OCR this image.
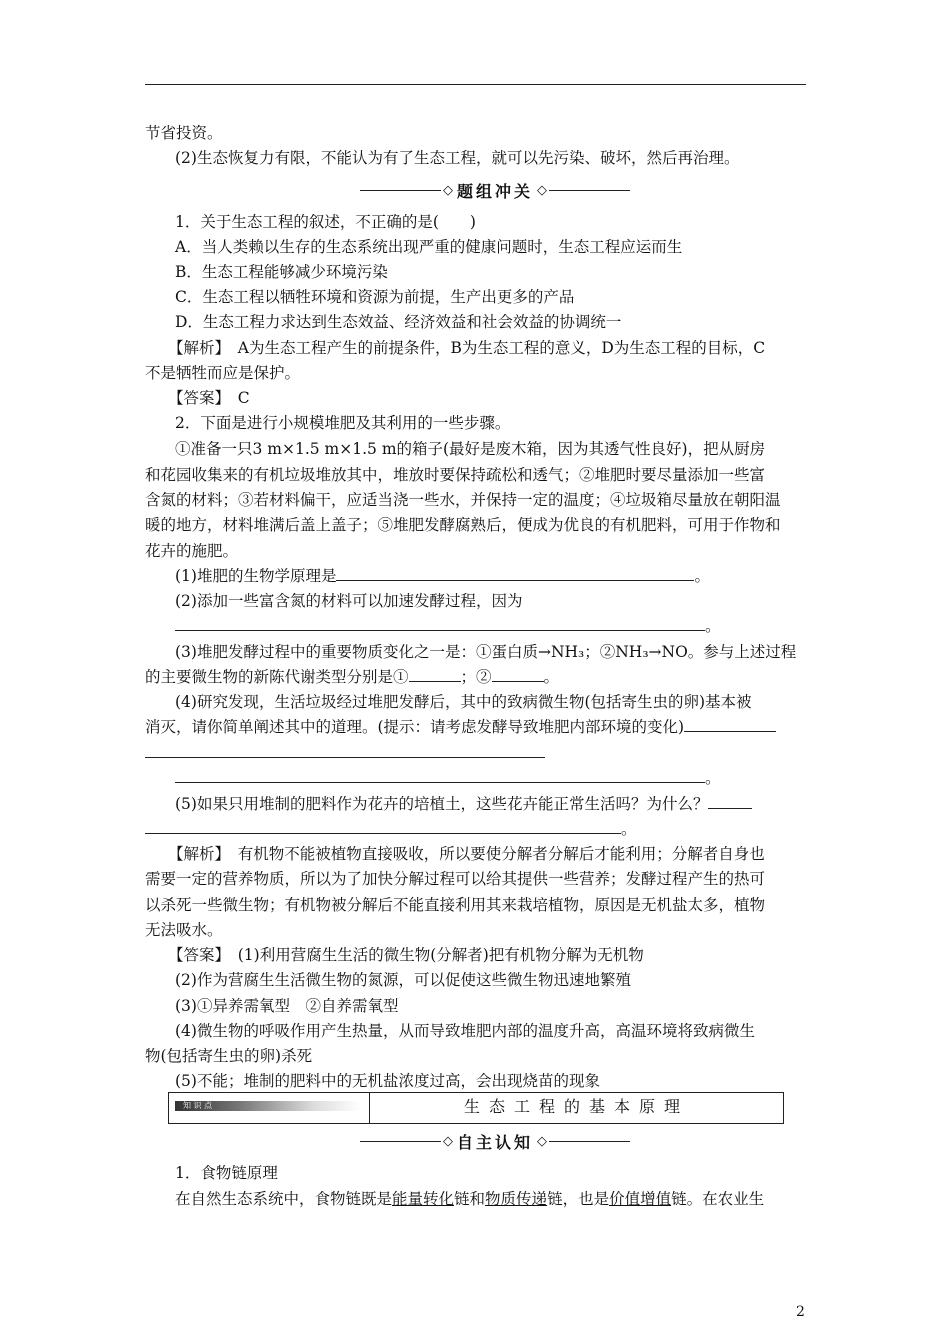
节省投资。
(2)生态恢复力有限，不能认为有了生态工程，就可以先污染、破坏，然后再治理。
◇ 题组冲关 ◇
1．关于生态工程的叙述，不正确的是(　　)
A．当人类赖以生存的生态系统出现严重的健康问题时，生态工程应运而生
B．生态工程能够减少环境污染
C．生态工程以牺牲环境和资源为前提，生产出更多的产品
D．生态工程力求达到生态效益、经济效益和社会效益的协调统一
【解析】　A为生态工程产生的前提条件，B为生态工程的意义，D为生态工程的目标，C
不是牺牲而应是保护。
【答案】　C
2．下面是进行小规模堆肥及其利用的一些步骤。
①准备一只3 m×1.5 m×1.5 m的箱子(最好是废木箱，因为其透气性良好)，把从厨房
和花园收集来的有机垃圾堆放其中，堆放时要保持疏松和透气；②堆肥时要尽量添加一些富
含氮的材料；③若材料偏干，应适当浇一些水，并保持一定的温度；④垃圾箱尽量放在朝阳温
暖的地方，材料堆满后盖上盖子；⑤堆肥发酵腐熟后，便成为优良的有机肥料，可用于作物和
花卉的施肥。
(1)堆肥的生物学原理是	。
(2)添加一些富含氮的材料可以加速发酵过程，因为
。
(3)堆肥发酵过程中的重要物质变化之一是：①蛋白质→NH₃；②NH₃→NO。参与上述过程
的主要微生物的新陈代谢类型分别是①	；②	。
(4)研究发现，生活垃圾经过堆肥发酵后，其中的致病微生物(包括寄生虫的卵)基本被
消灭，请你简单阐述其中的道理。(提示：请考虑发酵导致堆肥内部环境的变化)
。
(5)如果只用堆制的肥料作为花卉的培植土，这些花卉能正常生活吗？为什么？
。
【解析】　有机物不能被植物直接吸收，所以要使分解者分解后才能利用；分解者自身也
需要一定的营养物质，所以为了加快分解过程可以给其提供一些营养；发酵过程产生的热可
以杀死一些微生物；有机物被分解后不能直接利用其来栽培植物，原因是无机盐太多，植物
无法吸水。
【答案】　(1)利用营腐生生活的微生物(分解者)把有机物分解为无机物
(2)作为营腐生生活微生物的氮源，可以促使这些微生物迅速地繁殖
(3)①异养需氧型　②自养需氧型
(4)微生物的呼吸作用产生热量，从而导致堆肥内部的温度升高，高温环境将致病微生
物(包括寄生虫的卵)杀死
(5)不能；堆制的肥料中的无机盐浓度过高，会出现烧苗的现象
知 识 点	生态工程的基本原理
◇ 自主认知 ◇
1．食物链原理
在自然生态系统中，食物链既是能量转化链和物质传递链，也是价值增值链。在农业生
2
